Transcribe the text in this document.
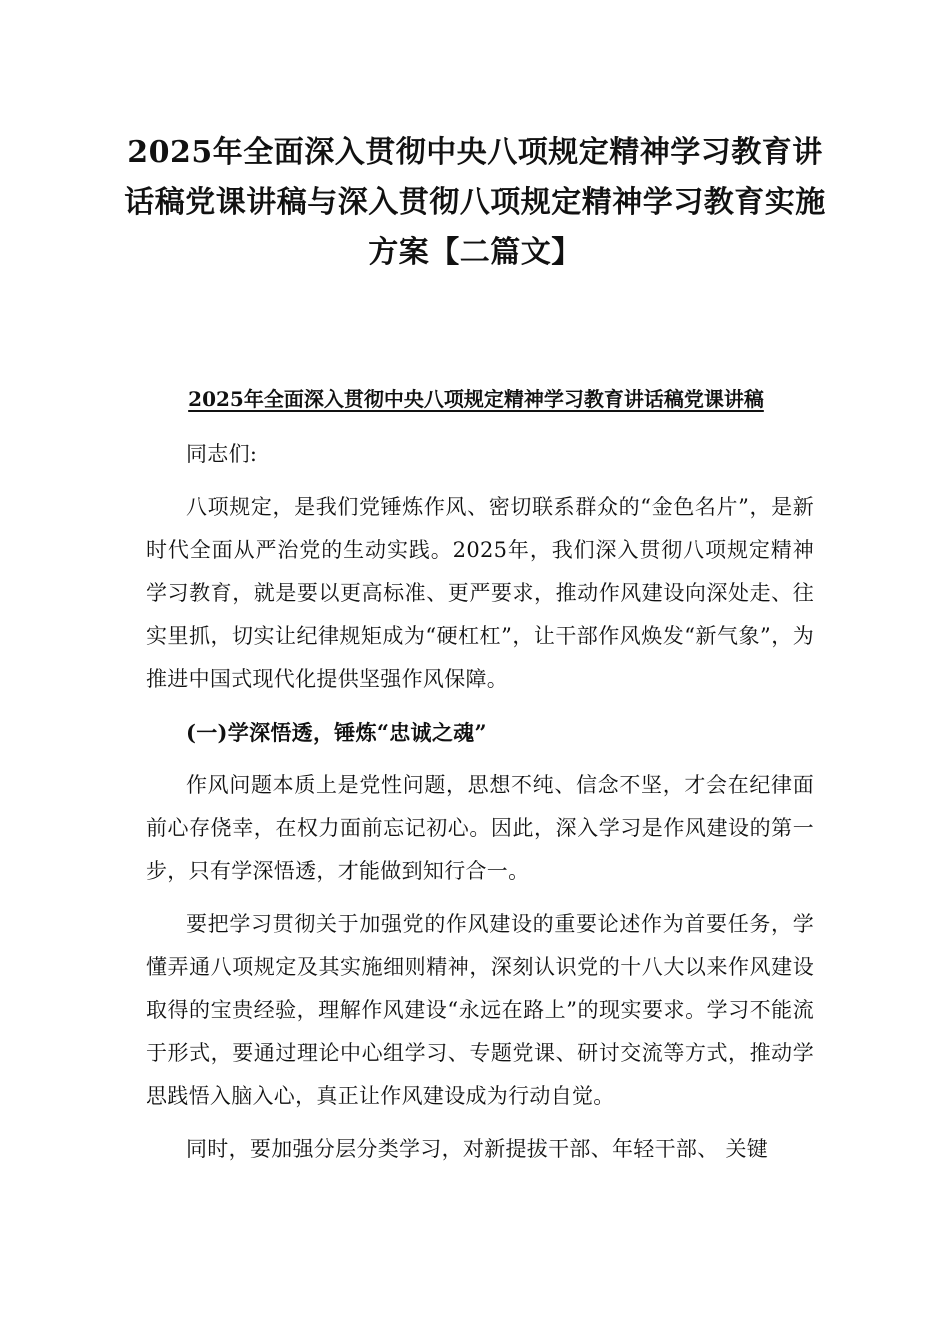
2025年全面深入贯彻中央八项规定精神学习教育讲
话稿党课讲稿与深入贯彻八项规定精神学习教育实施
方案【二篇文】
2025年全面深入贯彻中央八项规定精神学习教育讲话稿党课讲稿

同志们:

八项规定，是我们党锤炼作风、密切联系群众的“金色名片”，是新时代全面从严治党的生动实践。2025年，我们深入贯彻八项规定精神学习教育，就是要以更高标准、更严要求，推动作风建设向深处走、往实里抓，切实让纪律规矩成为“硬杠杠”，让干部作风焕发“新气象”，为推进中国式现代化提供坚强作风保障。

(一)学深悟透，锤炼“忠诚之魂”

作风问题本质上是党性问题，思想不纯、信念不坚，才会在纪律面前心存侥幸，在权力面前忘记初心。因此，深入学习是作风建设的第一步，只有学深悟透，才能做到知行合一。

要把学习贯彻关于加强党的作风建设的重要论述作为首要任务，学懂弄通八项规定及其实施细则精神，深刻认识党的十八大以来作风建设取得的宝贵经验，理解作风建设“永远在路上”的现实要求。学习不能流于形式，要通过理论中心组学习、专题党课、研讨交流等方式，推动学思践悟入脑入心，真正让作风建设成为行动自觉。

同时，要加强分层分类学习，对新提拔干部、年轻干部、 关键
